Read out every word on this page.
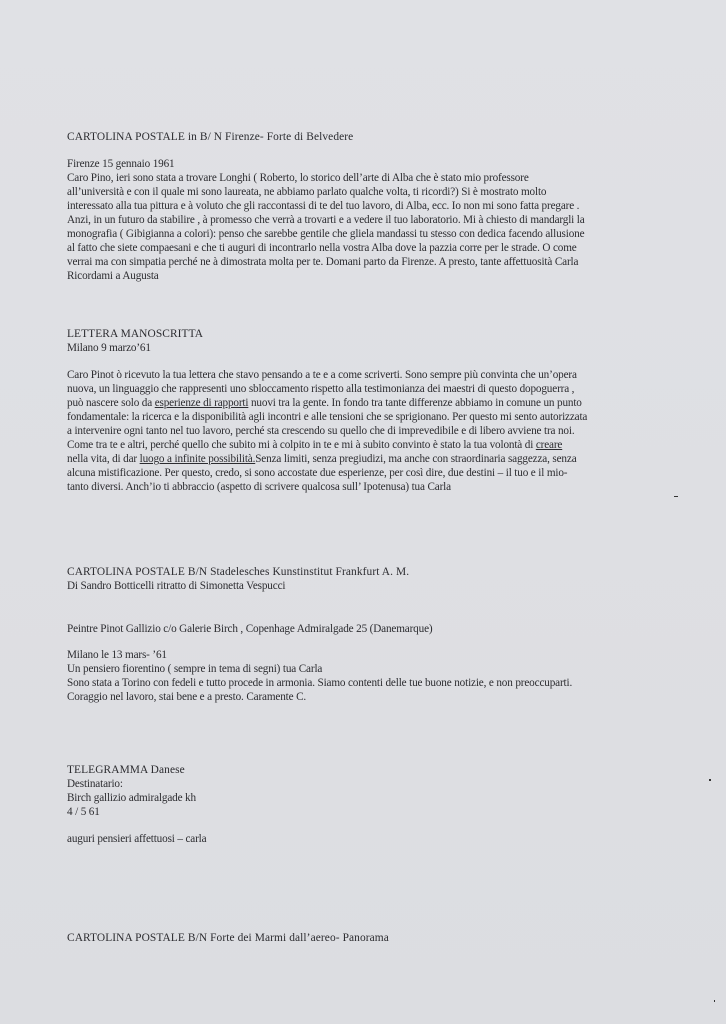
CARTOLINA POSTALE in B/ N Firenze- Forte di Belvedere
Firenze 15 gennaio 1961
Caro Pino, ieri sono stata a trovare Longhi ( Roberto, lo storico dell’arte di Alba che è stato mio professore
all’università e con il quale mi sono laureata, ne abbiamo parlato qualche volta, ti ricordi?) Si è mostrato molto
interessato alla tua pittura e à voluto che gli raccontassi di te del tuo lavoro, di Alba, ecc. Io non mi sono fatta pregare .
Anzi, in un futuro da stabilire , à promesso che verrà a trovarti e a vedere il tuo laboratorio. Mi à chiesto di mandargli la
monografia ( Gibigianna a colori): penso che sarebbe gentile che gliela mandassi tu stesso con dedica facendo allusione
al fatto che siete compaesani e che ti auguri di incontrarlo nella vostra Alba dove la pazzia corre per le strade. O come
verrai ma con simpatia perché ne à dimostrata molta per te. Domani parto da Firenze. A presto, tante affettuosità Carla
Ricordami a Augusta
LETTERA MANOSCRITTA
Milano 9 marzo’61
Caro Pinot ò ricevuto la tua lettera che stavo pensando a te e a come scriverti. Sono sempre più convinta che un’opera
nuova, un linguaggio che rappresenti uno sbloccamento rispetto alla testimonianza dei maestri di questo dopoguerra ,
può nascere solo da esperienze di rapporti nuovi tra la gente. In fondo tra tante differenze abbiamo in comune un punto
fondamentale: la ricerca e la disponibilità agli incontri e alle tensioni che se sprigionano. Per questo mi sento autorizzata
a intervenire ogni tanto nel tuo lavoro, perché sta crescendo su quello che di imprevedibile e di libero avviene tra noi.
Come tra te e altri, perché quello che subito mi à colpito in te e mi à subito convinto è stato la tua volontà di creare
nella vita, di dar luogo a infinite possibilità.Senza limiti, senza pregiudizi, ma anche con straordinaria saggezza, senza
alcuna mistificazione. Per questo, credo, si sono accostate due esperienze, per così dire, due destini – il tuo e il mio-
tanto diversi. Anch’io ti abbraccio (aspetto di scrivere qualcosa sull’ Ipotenusa) tua Carla
CARTOLINA POSTALE B/N Stadelesches Kunstinstitut Frankfurt A. M.
Di Sandro Botticelli ritratto di Simonetta Vespucci
Peintre Pinot Gallizio c/o Galerie Birch , Copenhage Admiralgade 25 (Danemarque)
Milano le 13 mars- ’61
Un pensiero fiorentino ( sempre in tema di segni) tua Carla
Sono stata a Torino con fedeli e tutto procede in armonia. Siamo contenti delle tue buone notizie, e non preoccuparti.
Coraggio nel lavoro, stai bene e a presto. Caramente C.
TELEGRAMMA Danese
Destinatario:
Birch gallizio admiralgade kh
4 / 5 61
auguri pensieri affettuosi – carla
CARTOLINA POSTALE B/N Forte dei Marmi dall’aereo- Panorama
